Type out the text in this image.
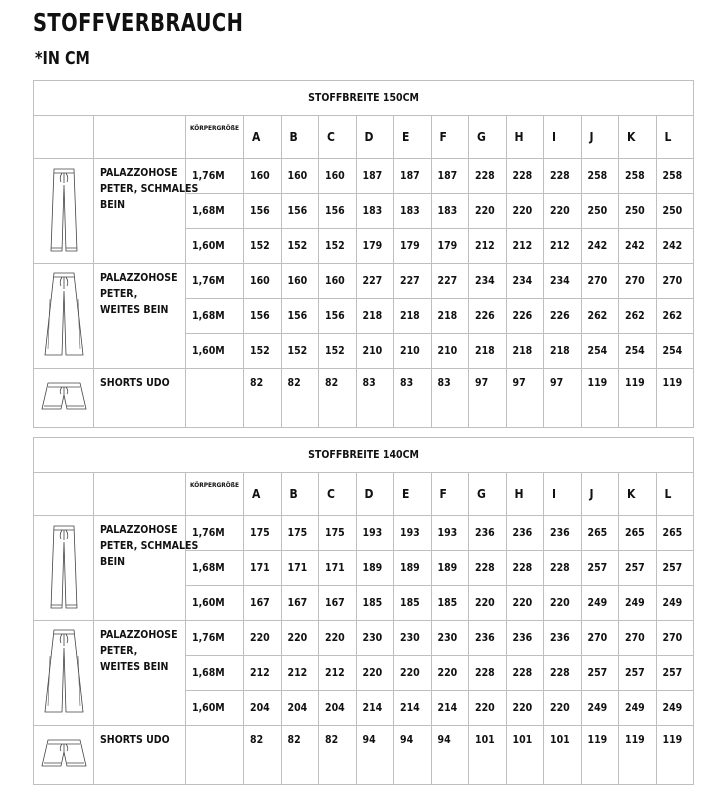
STOFFVERBRAUCH
*IN CM
STOFFBREITE 150CM														
		KÖRPERGRÖßE	A	B	C	D	E	F	G	H	I	J	K	L

PALAZZOHOSE
PETER, SCHMALES
BEIN	1,76M	160	160	160	187	187	187	228	228	228	258	258	258
		1,68M	156	156	156	183	183	183	220	220	220	250	250	250
		1,60M	152	152	152	179	179	179	212	212	212	242	242	242

PALAZZOHOSE
PETER,
WEITES BEIN	1,76M	160	160	160	227	227	227	234	234	234	270	270	270
		1,68M	156	156	156	218	218	218	226	226	226	262	262	262
		1,60M	152	152	152	210	210	210	218	218	218	254	254	254

SHORTS UDO		82	82	82	83	83	83	97	97	97	119	119	119
STOFFBREITE 140CM														
		KÖRPERGRÖßE	A	B	C	D	E	F	G	H	I	J	K	L

PALAZZOHOSE
PETER, SCHMALES
BEIN	1,76M	175	175	175	193	193	193	236	236	236	265	265	265
		1,68M	171	171	171	189	189	189	228	228	228	257	257	257
		1,60M	167	167	167	185	185	185	220	220	220	249	249	249

PALAZZOHOSE
PETER,
WEITES BEIN	1,76M	220	220	220	230	230	230	236	236	236	270	270	270
		1,68M	212	212	212	220	220	220	228	228	228	257	257	257
		1,60M	204	204	204	214	214	214	220	220	220	249	249	249

SHORTS UDO		82	82	82	94	94	94	101	101	101	119	119	119
